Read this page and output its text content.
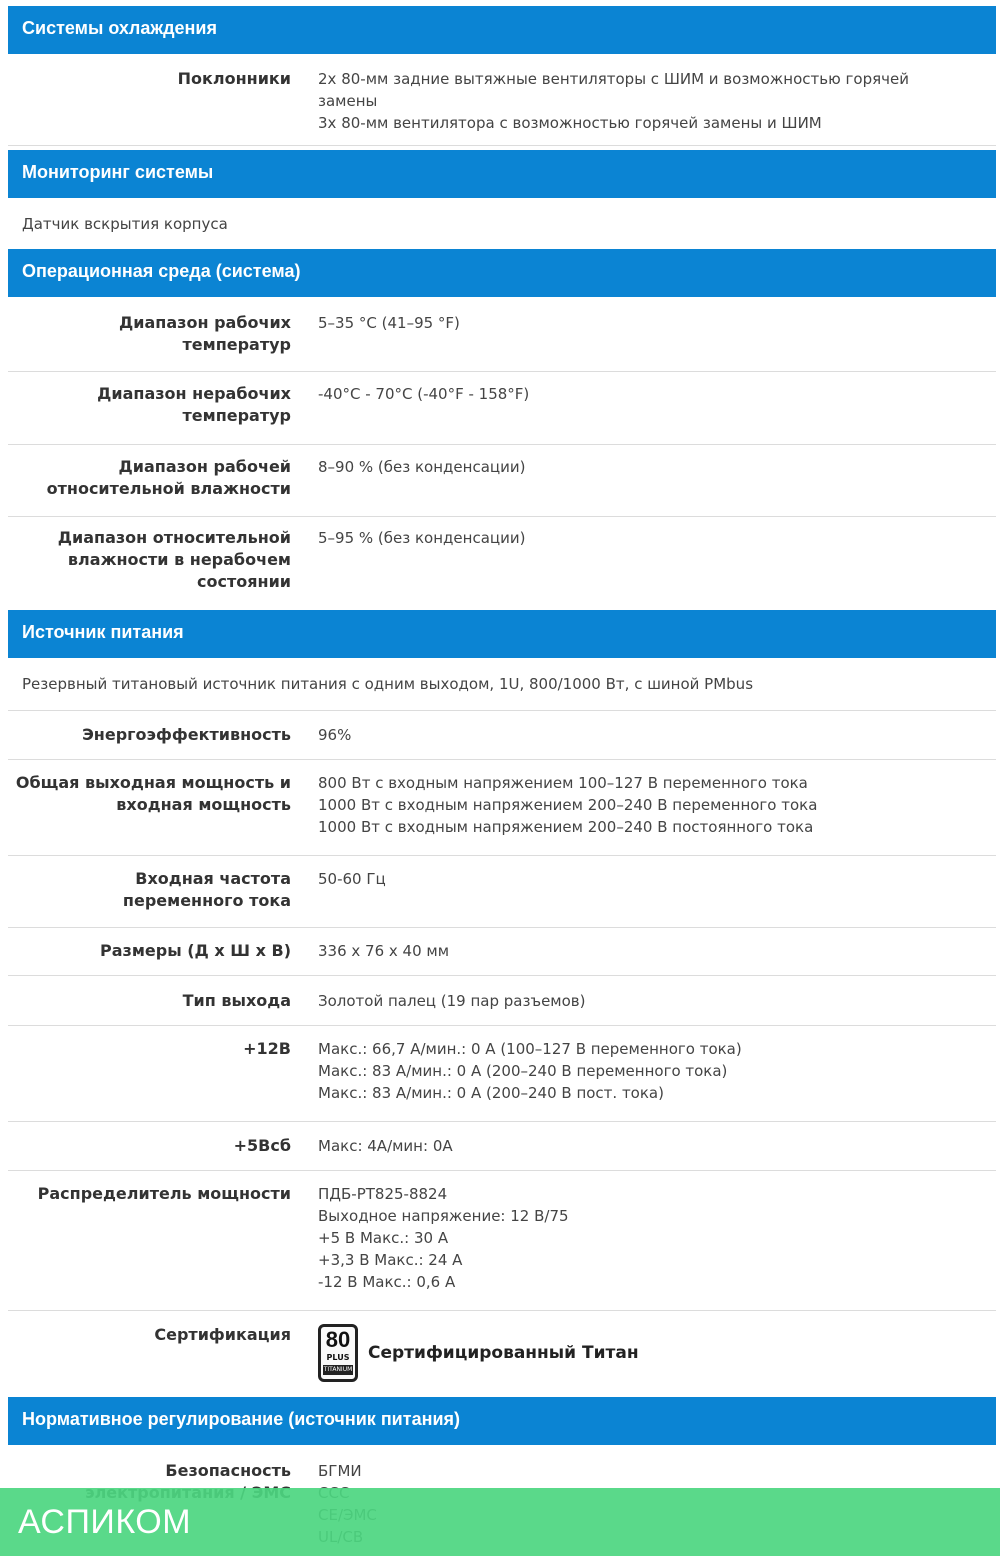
Системы охлаждения
Поклонники 2x 80-мм задние вытяжные вентиляторы с ШИМ и возможностью горячей
замены
3x 80-мм вентилятора с возможностью горячей замены и ШИМ
Мониторинг системы
Датчик вскрытия корпуса
Операционная среда (система)
Диапазон рабочих температур
5–35 °C (41–95 °F)
Диапазон нерабочих температур
-40°C - 70°C (-40°F - 158°F)
Диапазон рабочей относительной влажности
8–90 % (без конденсации)
Диапазон относительной влажности в нерабочем состоянии
5–95 % (без конденсации)
Источник питания
Резервный титановый источник питания с одним выходом, 1U, 800/1000 Вт, с шиной PMbus
Энергоэффективность 96%
Общая выходная мощность и входная мощность
800 Вт с входным напряжением 100–127 В переменного тока
1000 Вт с входным напряжением 200–240 В переменного тока
1000 Вт с входным напряжением 200–240 В постоянного тока
Входная частота переменного тока
50-60 Гц
Размеры (Д x Ш x В) 336 x 76 x 40 мм
Тип выхода Золотой палец (19 пар разъемов)
+12В Макс.: 66,7 А/мин.: 0 А (100–127 В переменного тока)
Макс.: 83 А/мин.: 0 А (200–240 В переменного тока)
Макс.: 83 А/мин.: 0 А (200–240 В пост. тока)
+5Всб Макс: 4А/мин: 0А
Распределитель мощности ПДБ-PT825-8824
Выходное напряжение: 12 В/75
+5 В Макс.: 30 А
+3,3 В Макс.: 24 А
-12 В Макс.: 0,6 А
Сертификация 80
PLUS
TITANIUM
Сертифицированный Титан
Нормативное регулирование (источник питания)
Безопасность БГМИ
АСПИКОМ
